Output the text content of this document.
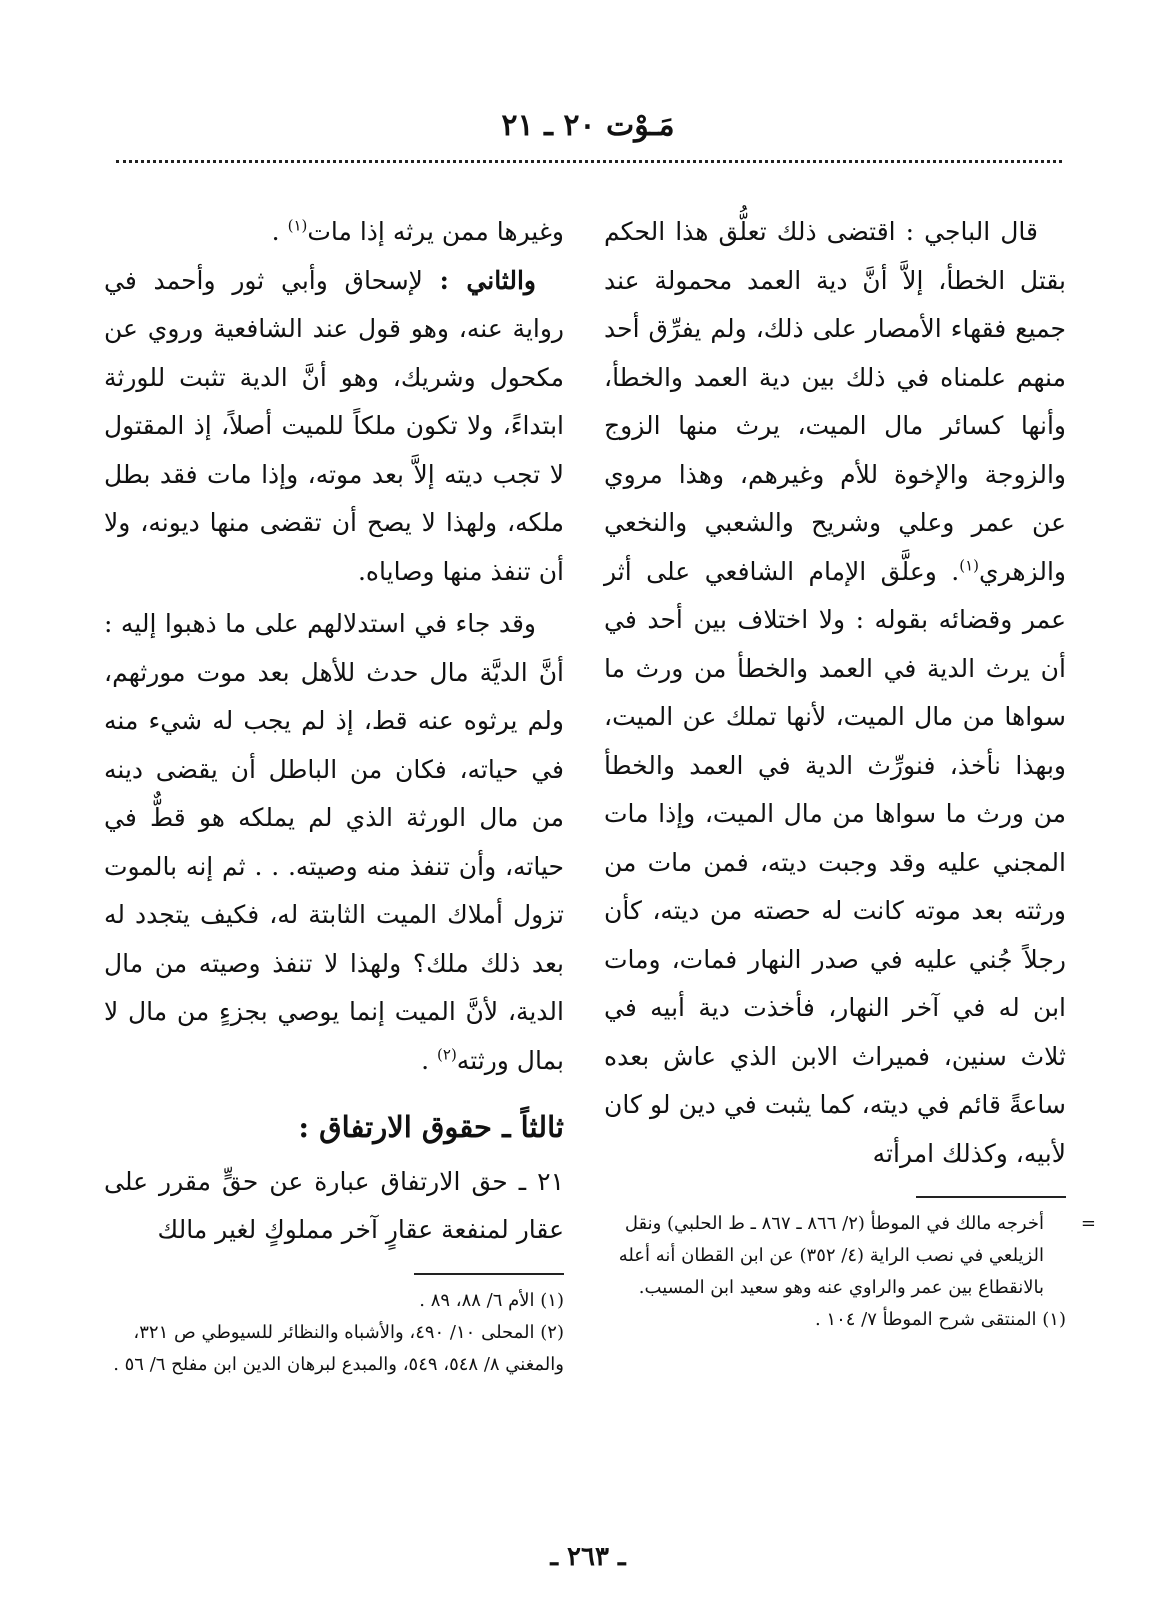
مَـوْت ٢٠ ـ ٢١

قال الباجي : اقتضى ذلك تعلُّق هذا الحكم بقتل الخطأ، إلاَّ أنَّ دية العمد محمولة عند جميع فقهاء الأمصار على ذلك، ولم يفرِّق أحد منهم علمناه في ذلك بين دية العمد والخطأ، وأنها كسائر مال الميت، يرث منها الزوج والزوجة والإخوة للأم وغيرهم، وهذا مروي عن عمر وعلي وشريح والشعبي والنخعي والزهري$^{(١)}$. وعلَّق الإمام الشافعي على أثر عمر وقضائه بقوله : ولا اختلاف بين أحد في أن يرث الدية في العمد والخطأ من ورث ما سواها من مال الميت، لأنها تملك عن الميت، وبهذا نأخذ، فنورِّث الدية في العمد والخطأ من ورث ما سواها من مال الميت، وإذا مات المجني عليه وقد وجبت ديته، فمن مات من ورثته بعد موته كانت له حصته من ديته، كأن رجلاً جُني عليه في صدر النهار فمات، ومات ابن له في آخر النهار، فأخذت دية أبيه في ثلاث سنين، فميراث الابن الذي عاش بعده ساعةً قائم في ديته، كما يثبت في دين لو كان لأبيه، وكذلك امرأته

=
أخرجه مالك في الموطأ (٢/ ٨٦٦ ـ ٨٦٧ ـ ط الحلبي) ونقل الزيلعي في نصب الراية (٤/ ٣٥٢) عن ابن القطان أنه أعله بالانقطاع بين عمر والراوي عنه وهو سعيد ابن المسيب.
(١) المنتقى شرح الموطأ ٧/ ١٠٤ .

وغيرها ممن يرثه إذا مات$^{(١)}$ .

والثاني : لإسحاق وأبي ثور وأحمد في رواية عنه، وهو قول عند الشافعية وروي عن مكحول وشريك، وهو أنَّ الدية تثبت للورثة ابتداءً، ولا تكون ملكاً للميت أصلاً، إذ المقتول لا تجب ديته إلاَّ بعد موته، وإذا مات فقد بطل ملكه، ولهذا لا يصح أن تقضى منها ديونه، ولا أن تنفذ منها وصاياه.

وقد جاء في استدلالهم على ما ذهبوا إليه : أنَّ الديَّة مال حدث للأهل بعد موت مورثهم، ولم يرثوه عنه قط، إذ لم يجب له شيء منه في حياته، فكان من الباطل أن يقضى دينه من مال الورثة الذي لم يملكه هو قطٌّ في حياته، وأن تنفذ منه وصيته. . . ثم إنه بالموت تزول أملاك الميت الثابتة له، فكيف يتجدد له بعد ذلك ملك؟ ولهذا لا تنفذ وصيته من مال الدية، لأنَّ الميت إنما يوصي بجزءٍ من مال لا بمال ورثته$^{(٢)}$ .

ثالثاً ـ حقوق الارتفاق :

٢١ ـ حق الارتفاق عبارة عن حقٍّ مقرر على عقار لمنفعة عقارٍ آخر مملوكٍ لغير مالك

(١) الأم ٦/ ٨٨، ٨٩ .
(٢) المحلى ١٠/ ٤٩٠، والأشباه والنظائر للسيوطي ص ٣٢١، والمغني ٨/ ٥٤٨، ٥٤٩، والمبدع لبرهان الدين ابن مفلح ٦/ ٥٦ .
ـ ٢٦٣ ـ
